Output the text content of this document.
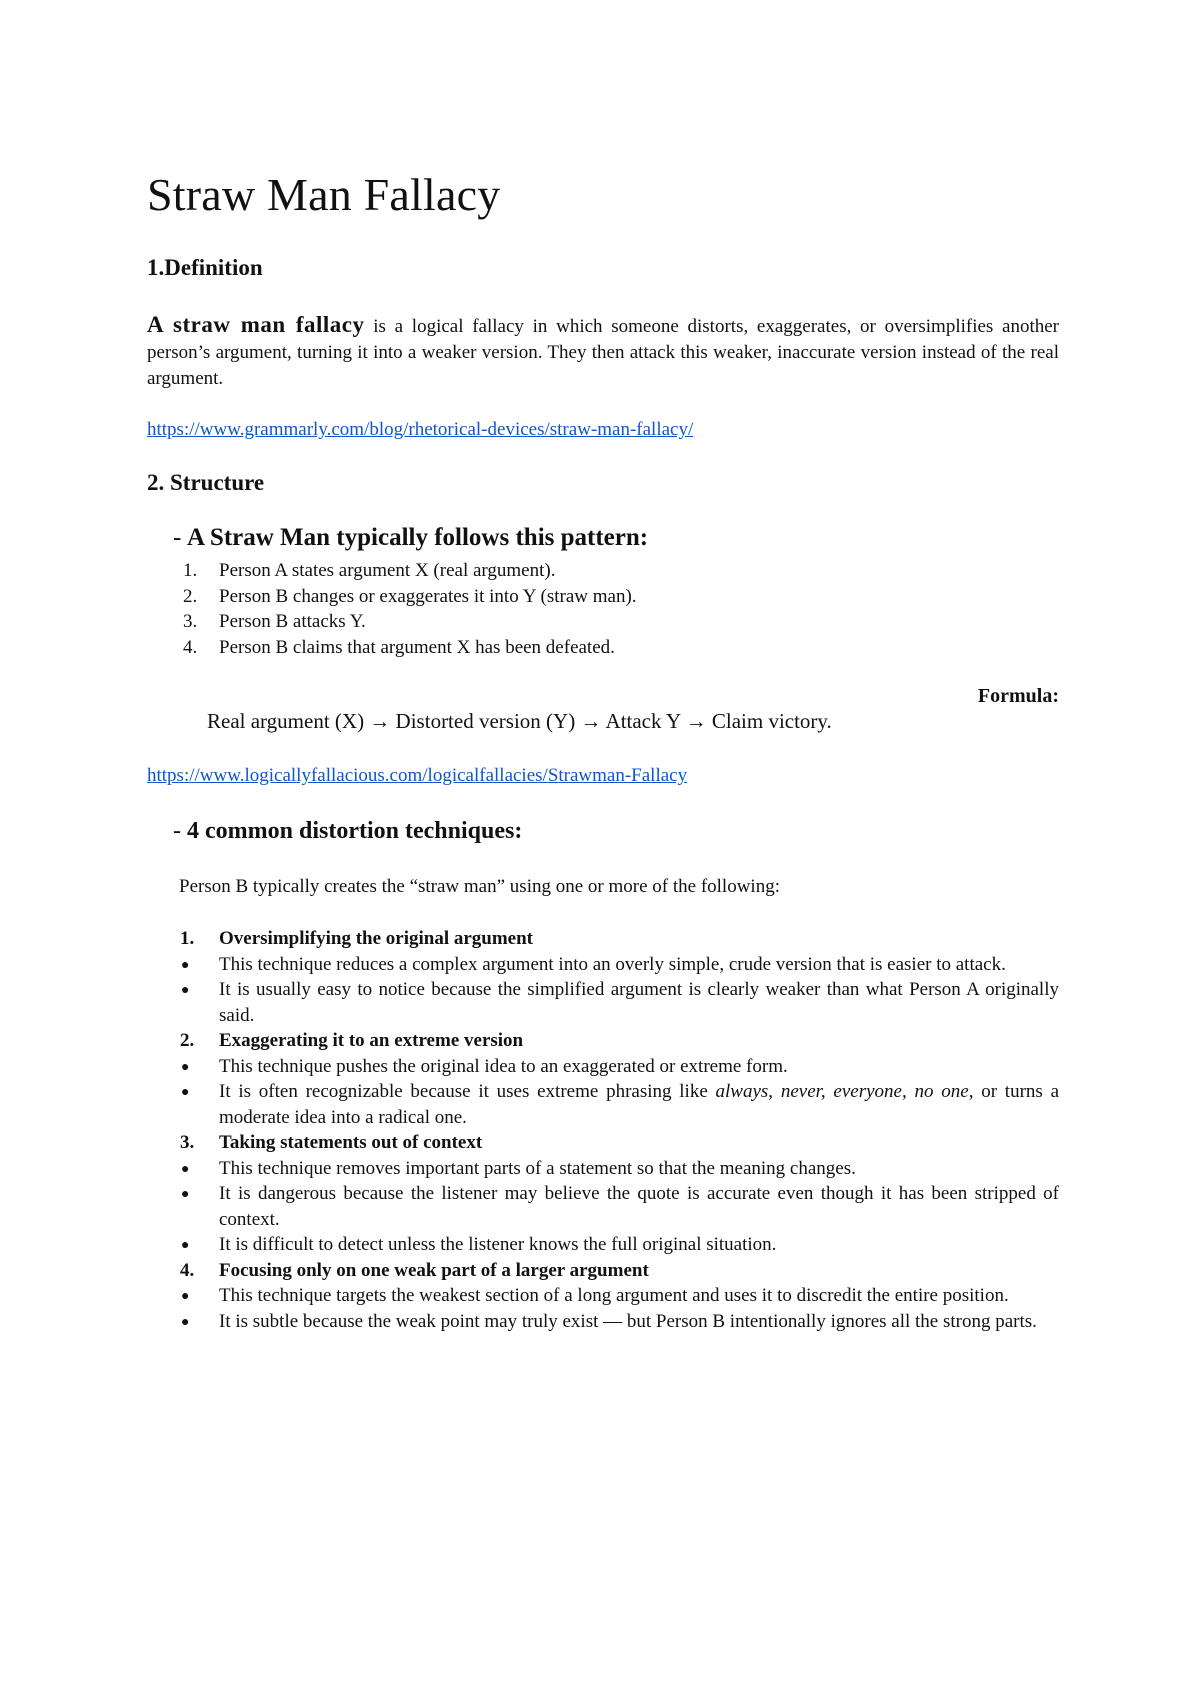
Straw Man Fallacy
1.Definition

A straw man fallacy is a logical fallacy in which someone distorts, exaggerates, or oversimplifies another person’s argument, turning it into a weaker version. They then attack this weaker, inaccurate version instead of the real argument.

https://www.grammarly.com/blog/rhetorical-devices/straw-man-fallacy/
2. Structure
- A Straw Man typically follows this pattern:
1. Person A states argument X (real argument).
2. Person B changes or exaggerates it into Y (straw man).
3. Person B attacks Y.
4. Person B claims that argument X has been defeated.
Formula:
Real argument (X) → Distorted version (Y) → Attack Y → Claim victory.
https://www.logicallyfallacious.com/logicalfallacies/Strawman-Fallacy
- 4 common distortion techniques:
Person B typically creates the “straw man” using one or more of the following:
1. Oversimplifying the original argument
● This technique reduces a complex argument into an overly simple, crude version that is easier to attack.
● It is usually easy to notice because the simplified argument is clearly weaker than what Person A originally said.
2. Exaggerating it to an extreme version
● This technique pushes the original idea to an exaggerated or extreme form.
● It is often recognizable because it uses extreme phrasing like always, never, everyone, no one, or turns a moderate idea into a radical one.
3. Taking statements out of context
● This technique removes important parts of a statement so that the meaning changes.
● It is dangerous because the listener may believe the quote is accurate even though it has been stripped of context.
● It is difficult to detect unless the listener knows the full original situation.
4. Focusing only on one weak part of a larger argument
● This technique targets the weakest section of a long argument and uses it to discredit the entire position.
● It is subtle because the weak point may truly exist — but Person B intentionally ignores all the strong parts.
